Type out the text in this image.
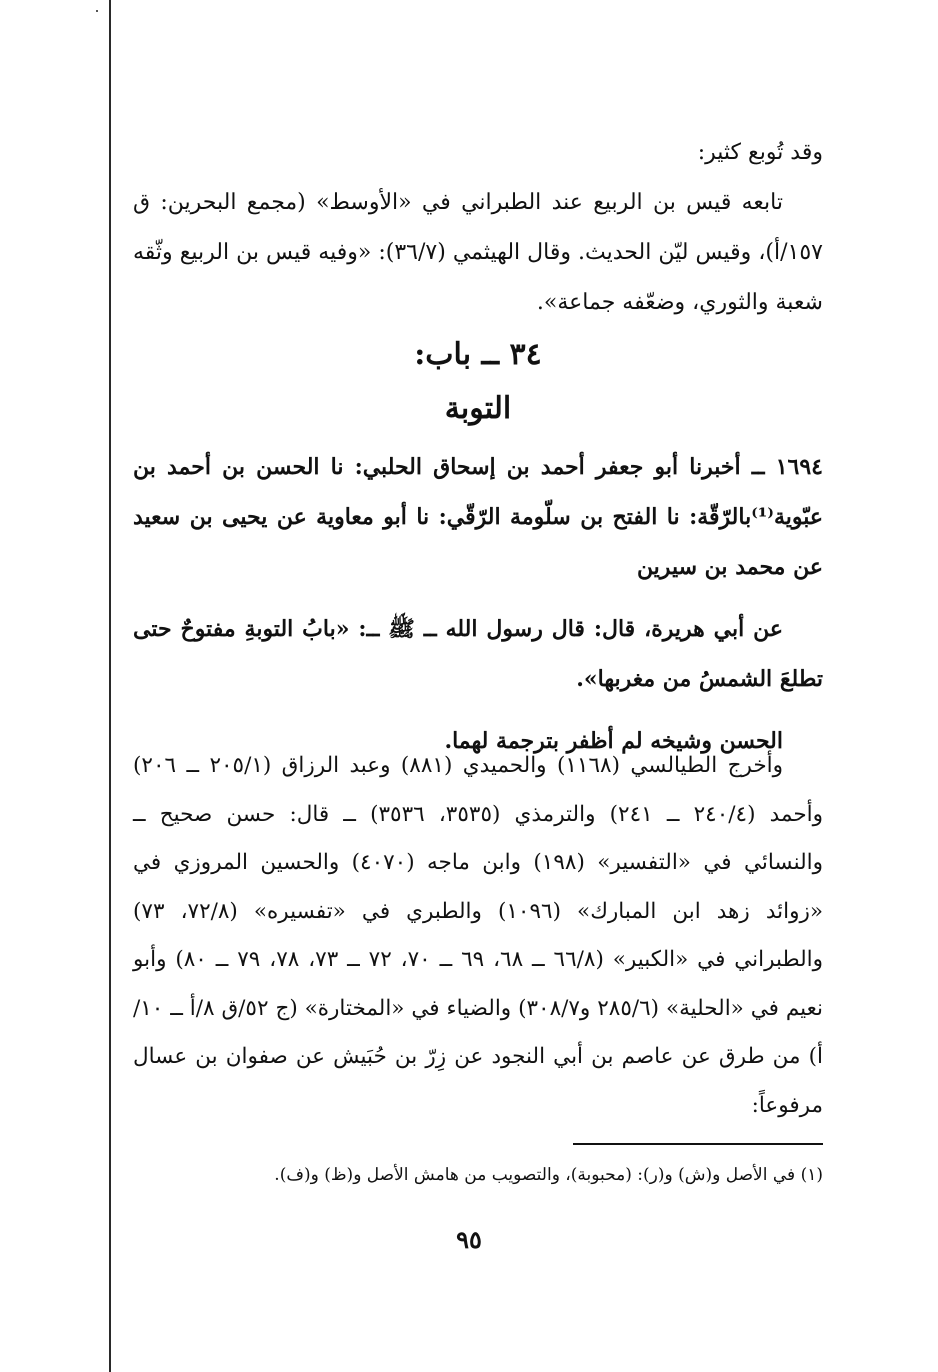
وقد تُوبع كثير:

تابعه قيس بن الربيع عند الطبراني في «الأوسط» (مجمع البحرين: ق ١٥٧/أ)، وقيس ليّن الحديث. وقال الهيثمي (٣٦/٧): «وفيه قيس بن الربيع وثّقه شعبة والثوري، وضعّفه جماعة».

٣٤ ــ باب:
التوبة

١٦٩٤ ــ أخبرنا أبو جعفر أحمد بن إسحاق الحلبي: نا الحسن بن أحمد بن عبّوية⁽¹⁾بالرّقّة: نا الفتح بن سلّومة الرّقّي: نا أبو معاوية عن يحيى بن سعيد عن محمد بن سيرين

عن أبي هريرة، قال: قال رسول الله ــ ﷺ ــ: «بابُ التوبةِ مفتوحٌ حتى تطلعَ الشمسُ من مغربها».

الحسن وشيخه لم أظفر بترجمة لهما.

وأخرج الطيالسي (١١٦٨) والحميدي (٨٨١) وعبد الرزاق (٢٠٥/١ ــ ٢٠٦) وأحمد (٢٤٠/٤ ــ ٢٤١) والترمذي (٣٥٣٥، ٣٥٣٦) ــ قال: حسن صحيح ــ والنسائي في «التفسير» (١٩٨) وابن ماجه (٤٠٧٠) والحسين المروزي في «زوائد زهد ابن المبارك» (١٠٩٦) والطبري في «تفسيره» (٧٢/٨، ٧٣) والطبراني في «الكبير» (٦٦/٨ ــ ٦٨، ٦٩ ــ ٧٠، ٧٢ ــ ٧٣، ٧٨، ٧٩ ــ ٨٠) وأبو نعيم في «الحلية» (٢٨٥/٦ و٣٠٨/٧) والضياء في «المختارة» (ج ٥٢/ق ٨/أ ــ ١٠/أ) من طرق عن عاصم بن أبي النجود عن زِرّ بن حُبَيش عن صفوان بن عسال مرفوعاً:

(١) في الأصل و(ش) و(ر): (محبوبة)، والتصويب من هامش الأصل و(ظ) و(ف).
٩٥
